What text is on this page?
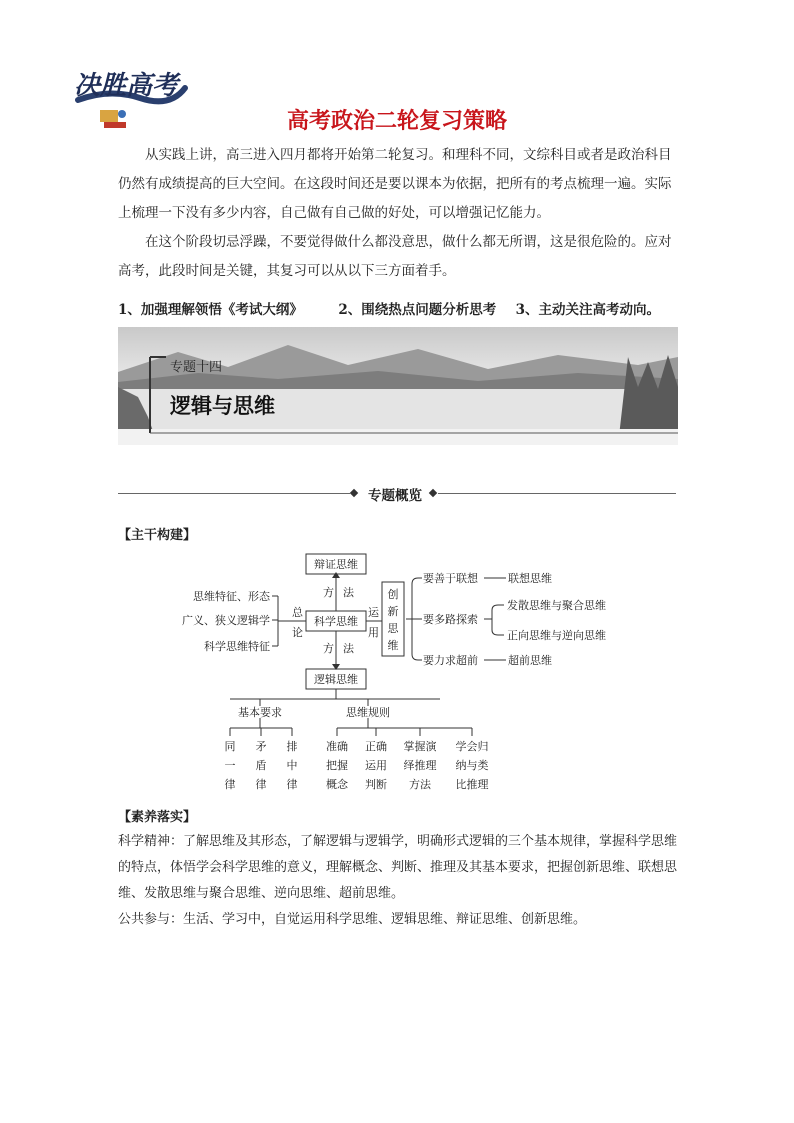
决胜高考
高考政治二轮复习策略

从实践上讲，高三进入四月都将开始第二轮复习。和理科不同，文综科目或者是政治科目仍然有成绩提高的巨大空间。在这段时间还是要以课本为依据，把所有的考点梳理一遍。实际上梳理一下没有多少内容，自己做有自己做的好处，可以增强记忆能力。

在这个阶段切忌浮躁，不要觉得做什么都没意思，做什么都无所谓，这是很危险的。应对高考，此段时间是关键，其复习可以从以下三方面着手。

1、加强理解领悟《考试大纲》	2、围绕热点问题分析思考 3、主动关注高考动向。
专题十四
逻辑与思维
专题概览
【主干构建】
辩证思维
科学思维
逻辑思维
方 法
方 法
总
论
运
用
思维特征、形态
广义、狭义逻辑学
科学思维特征
创
新
思
维
要善于联想
要多路探索
要力求超前
联想思维
发散思维与聚合思维
正向思维与逆向思维
超前思维
基本要求	思维规则
同
一
律
矛
盾
律
排
中
律
准确
把握
概念
正确
运用
判断
掌握演
绎推理
方法
学会归
纳与类
比推理
【素养落实】

科学精神：了解思维及其形态，了解逻辑与逻辑学，明确形式逻辑的三个基本规律，掌握科学思维的特点，体悟学会科学思维的意义，理解概念、判断、推理及其基本要求，把握创新思维、联想思维、发散思维与聚合思维、逆向思维、超前思维。

公共参与：生活、学习中，自觉运用科学思维、逻辑思维、辩证思维、创新思维。
